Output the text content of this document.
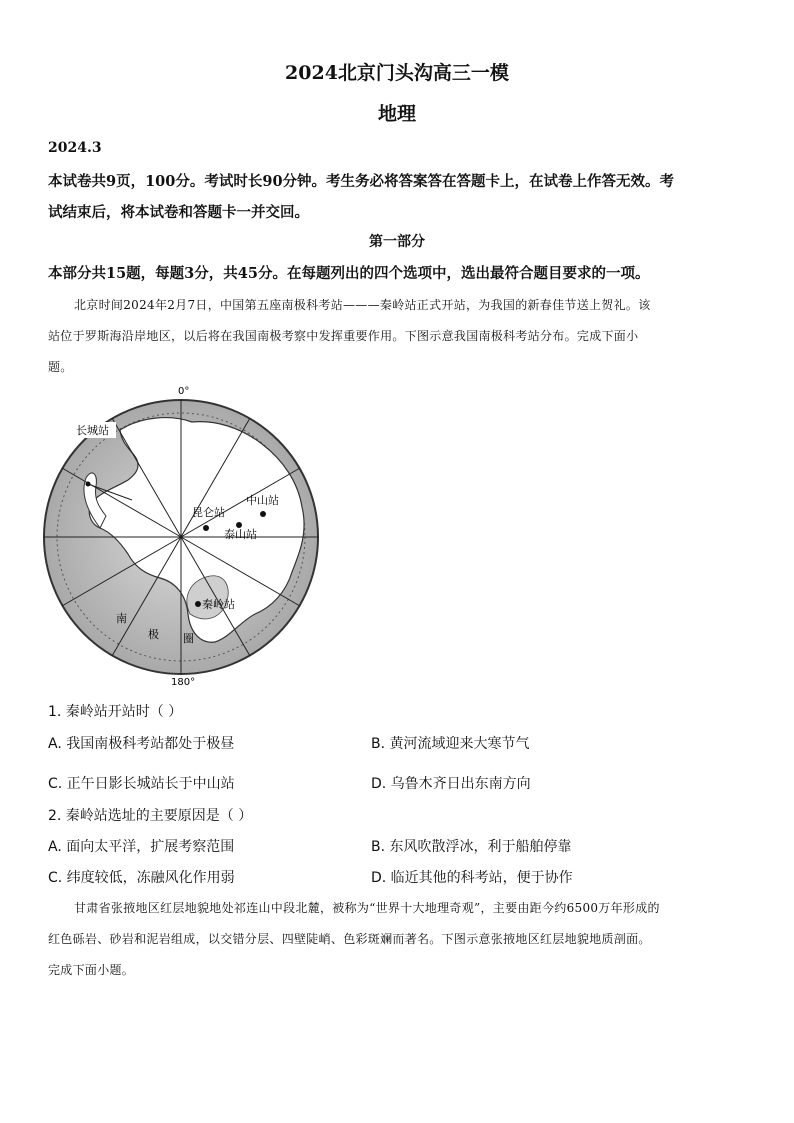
2024北京门头沟高三一模
地理
2024.3
本试卷共9页，100分。考试时长90分钟。考生务必将答案答在答题卡上，在试卷上作答无效。考
试结束后，将本试卷和答题卡一并交回。
第一部分
本部分共15题，每题3分，共45分。在每题列出的四个选项中，选出最符合题目要求的一项。
北京时间2024年2月7日，中国第五座南极科考站———秦岭站正式开站，为我国的新春佳节送上贺礼。该
站位于罗斯海沿岸地区，以后将在我国南极考察中发挥重要作用。下图示意我国南极科考站分布。完成下面小
题。
0°
180°
长城站
昆仑站
泰山站
中山站
秦岭站
南
极 圈
1. 秦岭站开站时（ ）
A. 我国南极科考站都处于极昼	B. 黄河流域迎来大寒节气
C. 正午日影长城站长于中山站	D. 乌鲁木齐日出东南方向
2. 秦岭站选址的主要原因是（ ）
A. 面向太平洋，扩展考察范围	B. 东风吹散浮冰，利于船舶停靠
C. 纬度较低，冻融风化作用弱	D. 临近其他的科考站，便于协作
甘肃省张掖地区红层地貌地处祁连山中段北麓，被称为“世界十大地理奇观”，主要由距今约6500万年形成的
红色砾岩、砂岩和泥岩组成，以交错分层、四壁陡峭、色彩斑斓而著名。下图示意张掖地区红层地貌地质剖面。
完成下面小题。
